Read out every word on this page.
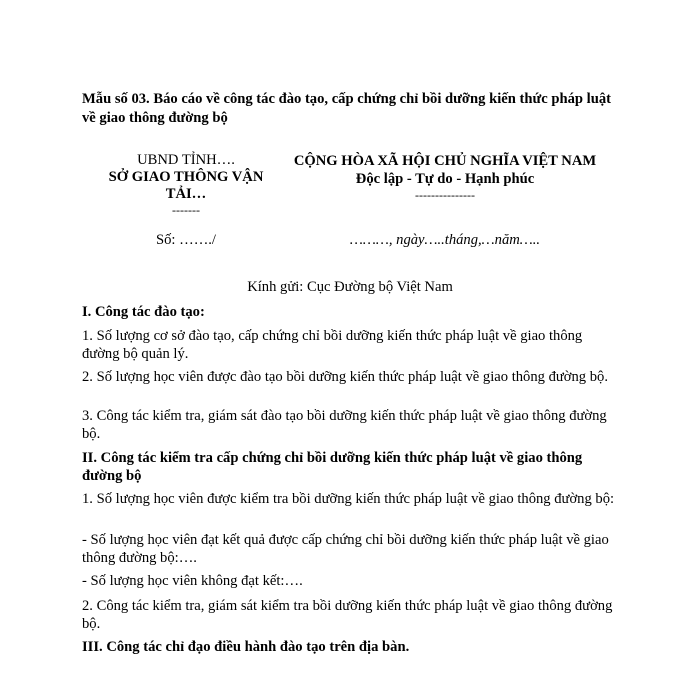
Mẫu số 03. Báo cáo về công tác đào tạo, cấp chứng chỉ bồi dưỡng kiến thức pháp luật về giao thông đường bộ
UBND TỈNH….
SỞ GIAO THÔNG VẬN TẢI…
-------
CỘNG HÒA XÃ HỘI CHỦ NGHĨA VIỆT NAM
Độc lập - Tự do - Hạnh phúc
---------------
Số: ……./	………, ngày…..tháng,…năm…..
Kính gửi: Cục Đường bộ Việt Nam
I. Công tác đào tạo:
1. Số lượng cơ sở đào tạo, cấp chứng chỉ bồi dưỡng kiến thức pháp luật về giao thông đường bộ quản lý.
2. Số lượng học viên được đào tạo bồi dưỡng kiến thức pháp luật về giao thông đường bộ.
3. Công tác kiểm tra, giám sát đào tạo bồi dưỡng kiến thức pháp luật về giao thông đường bộ.
II. Công tác kiểm tra cấp chứng chỉ bồi dưỡng kiến thức pháp luật về giao thông đường bộ
1. Số lượng học viên được kiểm tra bồi dưỡng kiến thức pháp luật về giao thông đường bộ:
- Số lượng học viên đạt kết quả được cấp chứng chỉ bồi dưỡng kiến thức pháp luật về giao thông đường bộ:….
- Số lượng học viên không đạt kết:….
2. Công tác kiểm tra, giám sát kiểm tra bồi dưỡng kiến thức pháp luật về giao thông đường bộ.
III. Công tác chỉ đạo điều hành đào tạo trên địa bàn.
